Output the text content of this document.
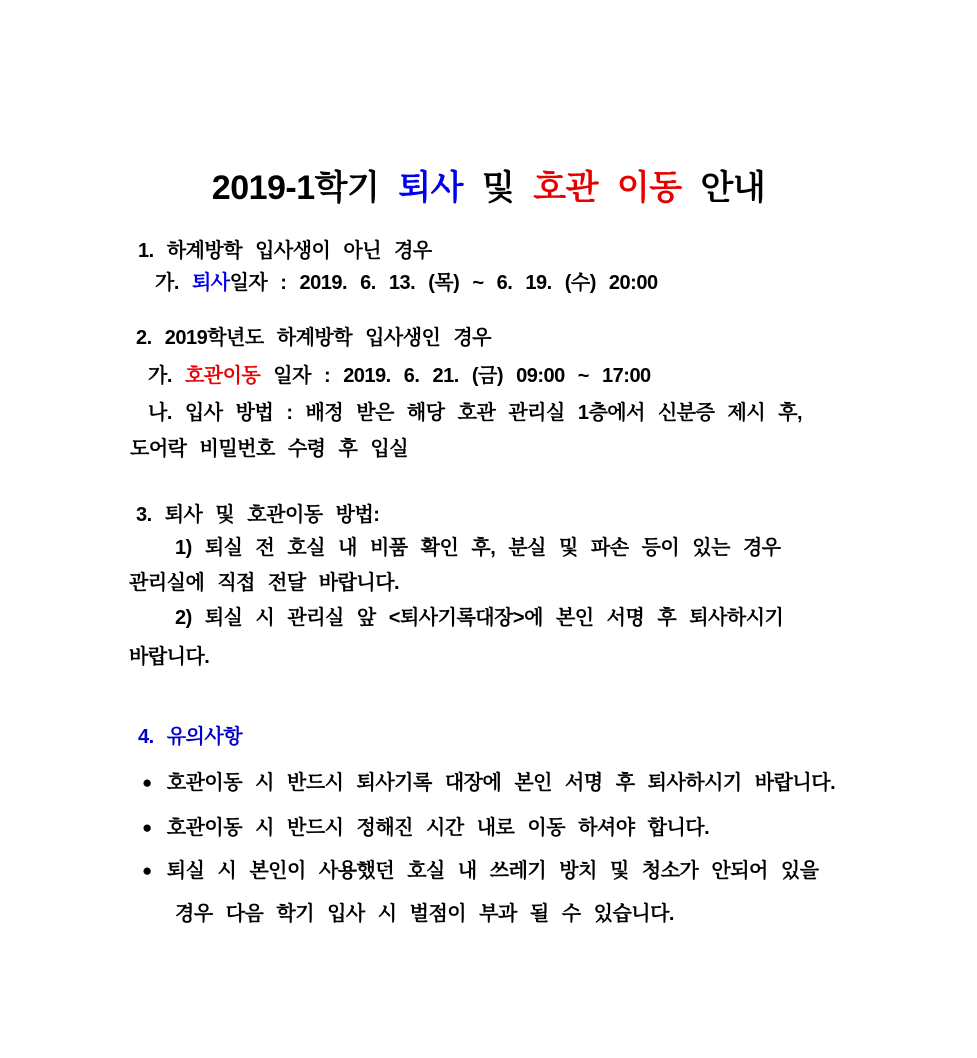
2019-1학기 퇴사 및 호관 이동 안내
1. 하계방학 입사생이 아닌 경우
가. 퇴사일자 : 2019. 6. 13. (목) ~ 6. 19. (수) 20:00
2. 2019학년도 하계방학 입사생인 경우
가. 호관이동 일자 : 2019. 6. 21. (금) 09:00 ~ 17:00
나. 입사 방법 : 배정 받은 해당 호관 관리실 1층에서 신분증 제시 후,
도어락 비밀번호 수령 후 입실
3. 퇴사 및 호관이동 방법:
1) 퇴실 전 호실 내 비품 확인 후, 분실 및 파손 등이 있는 경우
관리실에 직접 전달 바랍니다.
2) 퇴실 시 관리실 앞 <퇴사기록대장>에 본인 서명 후 퇴사하시기
바랍니다.
4. 유의사항
● 호관이동 시 반드시 퇴사기록 대장에 본인 서명 후 퇴사하시기 바랍니다.
● 호관이동 시 반드시 정해진 시간 내로 이동 하셔야 합니다.
● 퇴실 시 본인이 사용했던 호실 내 쓰레기 방치 및 청소가 안되어 있을
경우 다음 학기 입사 시 벌점이 부과 될 수 있습니다.
